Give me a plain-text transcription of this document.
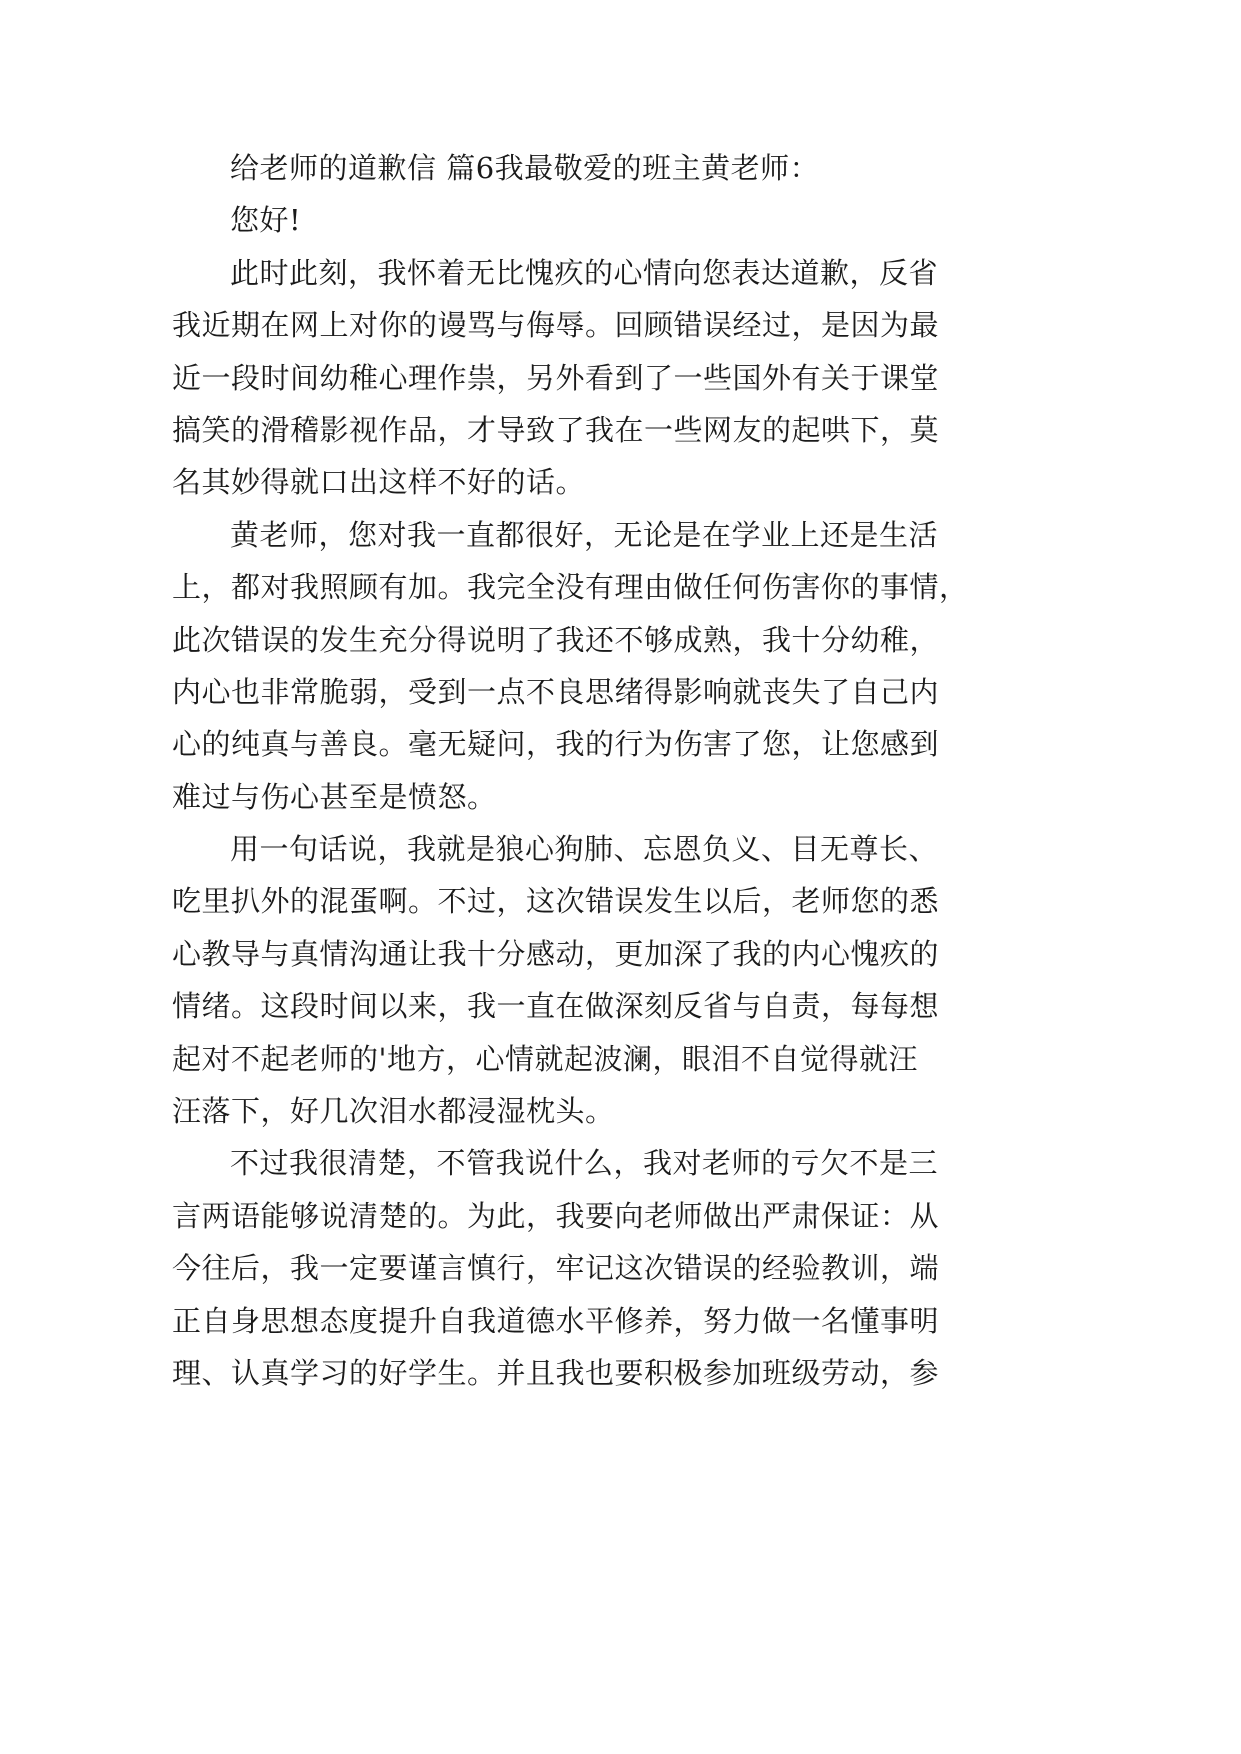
给老师的道歉信 篇6我最敬爱的班主黄老师：

您好!

此时此刻，我怀着无比愧疚的心情向您表达道歉，反省

我近期在网上对你的谩骂与侮辱。回顾错误经过，是因为最

近一段时间幼稚心理作祟，另外看到了一些国外有关于课堂

搞笑的滑稽影视作品，才导致了我在一些网友的起哄下，莫

名其妙得就口出这样不好的话。

黄老师，您对我一直都很好，无论是在学业上还是生活

上，都对我照顾有加。我完全没有理由做任何伤害你的事情，

此次错误的发生充分得说明了我还不够成熟，我十分幼稚，

内心也非常脆弱，受到一点不良思绪得影响就丧失了自己内

心的纯真与善良。毫无疑问，我的行为伤害了您，让您感到

难过与伤心甚至是愤怒。

用一句话说，我就是狼心狗肺、忘恩负义、目无尊长、

吃里扒外的混蛋啊。不过，这次错误发生以后，老师您的悉

心教导与真情沟通让我十分感动，更加深了我的内心愧疚的

情绪。这段时间以来，我一直在做深刻反省与自责，每每想

起对不起老师的'地方，心情就起波澜，眼泪不自觉得就汪

汪落下，好几次泪水都浸湿枕头。

不过我很清楚，不管我说什么，我对老师的亏欠不是三

言两语能够说清楚的。为此，我要向老师做出严肃保证：从

今往后，我一定要谨言慎行，牢记这次错误的经验教训，端

正自身思想态度提升自我道德水平修养，努力做一名懂事明

理、认真学习的好学生。并且我也要积极参加班级劳动，参
